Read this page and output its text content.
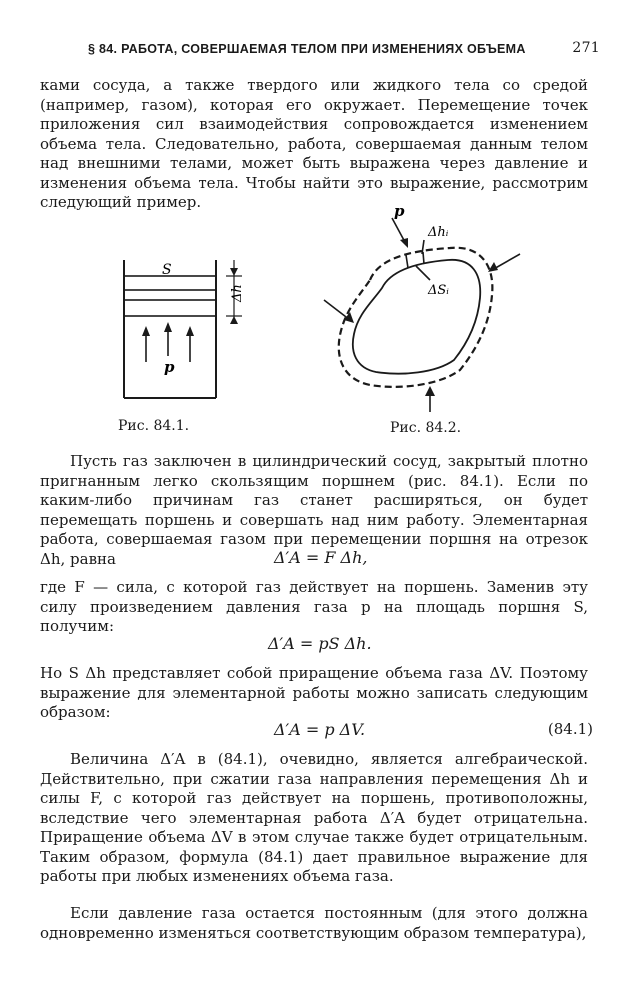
§ 84. РАБОТА, СОВЕРШАЕМАЯ ТЕЛОМ ПРИ ИЗМЕНЕНИЯХ ОБЪЕМА	271
ками сосуда, а также твердого или жидкого тела со средой (например, газом), которая его окружает. Перемещение точек приложения сил взаимодействия сопровождается изменением объема тела. Следовательно, работа, совершаемая данным телом над внешними телами, может быть выражена через давление и изменения объема тела. Чтобы найти это выражение, рассмотрим следующий пример.
S
Δh
p
Рис. 84.1.
p
Δhᵢ
ΔSᵢ
Рис. 84.2.
Пусть газ заключен в цилиндрический сосуд, закрытый плотно пригнанным легко скользящим поршнем (рис. 84.1). Если по каким-либо причинам газ станет расширяться, он будет перемещать поршень и совершать над ним работу. Элементарная работа, совершаемая газом при перемещении поршня на отрезок Δh, равна	Δ′A = F Δh,
где F — сила, с которой газ действует на поршень. Заменив эту силу произведением давления газа p на площадь поршня S, получим:
Δ′A = pS Δh.
Но S Δh представляет собой приращение объема газа ΔV. Поэтому выражение для элементарной работы можно записать следующим образом:
Δ′A = p ΔV.	(84.1)
Величина Δ′A в (84.1), очевидно, является алгебраической. Действительно, при сжатии газа направления перемещения Δh и силы F, с которой газ действует на поршень, противоположны, вследствие чего элементарная работа Δ′A будет отрицательна. Приращение объема ΔV в этом случае также будет отрицательным. Таким образом, формула (84.1) дает правильное выражение для работы при любых изменениях объема газа.
Если давление газа остается постоянным (для этого должна одновременно изменяться соответствующим образом температура),
